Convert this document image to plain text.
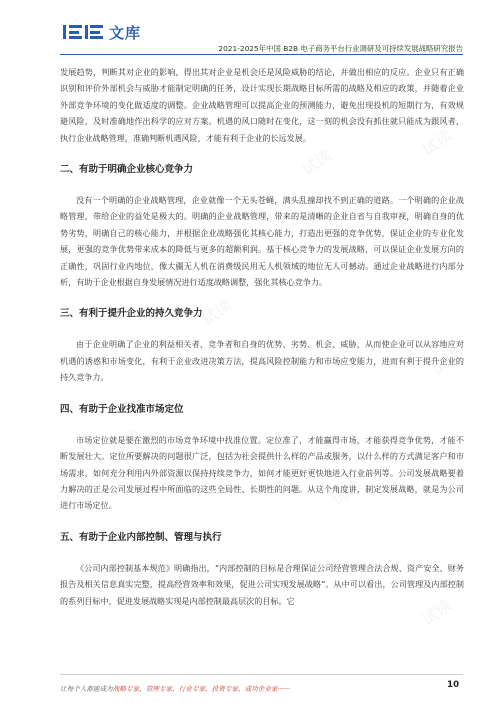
文库
2021-2025年中国 B2B 电子商务平台行业调研及可持续发展战略研究报告

发展趋势，判断其对企业的影响，得出其对企业是机会还是风险威胁的结论，并做出相应的反应。企业只有正确识别和评价外部机会与威胁才能制定明确的任务，设计实现长期战略目标所需的战略及相应的政策，并随着企业外部竞争环境的变化做适度的调整。企业战略管理可以提高企业的预测能力，避免出现投机的短期行为，有效规避风险，及时准确地作出科学的应对方案。机遇的风口随时在变化，这一刻的机会没有抓住就只能成为跟风者，执行企业战略管理，准确判断机遇风险，才能有利于企业的长远发展。

二、有助于明确企业核心竞争力

没有一个明确的企业战略管理，企业就像一个无头苍蝇，满头乱撞却找不到正确的道路。一个明确的企业战略管理，带给企业的益处是极大的。明确的企业战略管理，带来的是清晰的企业自省与自我审视，明确自身的优势劣势，明确自己的核心能力，并根据企业战略强化其核心能力，打造出更强的竞争优势，保证企业的专业化发展，更强的竞争优势带来成本的降低与更多的超额利润。基于核心竞争力的发展战略，可以保证企业发展方向的正确性，巩固行业内地位，像大疆无人机在消费级民用无人机领域的地位无人可撼动。通过企业战略进行内部分析，有助于企业根据自身发展情况进行适度战略调整，强化其核心竞争力。

三、有利于提升企业的持久竞争力

由于企业明确了企业的利益相关者、竞争者和自身的优势、劣势、机会、威胁，从而使企业可以从容地应对机遇的诱惑和市场变化，有利于企业改进决策方法，提高风险控制能力和市场应变能力，进而有利于提升企业的持久竞争力。

四、有助于企业找准市场定位

市场定位就是要在激烈的市场竞争环境中找准位置。定位准了，才能赢得市场，才能获得竞争优势，才能不断发展壮大。定位所要解决的问题很广泛，包括为社会提供什么样的产品或服务，以什么样的方式满足客户和市场需求，如何充分利用内外部资源以保持持续竞争力，如何才能更好更快地进入行业前列等。公司发展战略要着力解决的正是公司发展过程中所面临的这些全局性、长期性的问题。从这个角度讲，制定发展战略，就是为公司进行市场定位。

五、有助于企业内部控制、管理与执行

《公司内部控制基本规范》明确指出，“内部控制的目标是合理保证公司经营管理合法合规、资产安全、财务报告及相关信息真实完整，提高经营效率和效果，促进公司实现发展战略”。从中可以看出，公司管理及内部控制的系列目标中，促进发展战略实现是内部控制最高层次的目标。它

试读
试读
试读
试读
试读
试读
试读
试读
试读
让每个人都能成为战略专家、管理专家、行业专家、投资专家、成功企业家······	10
